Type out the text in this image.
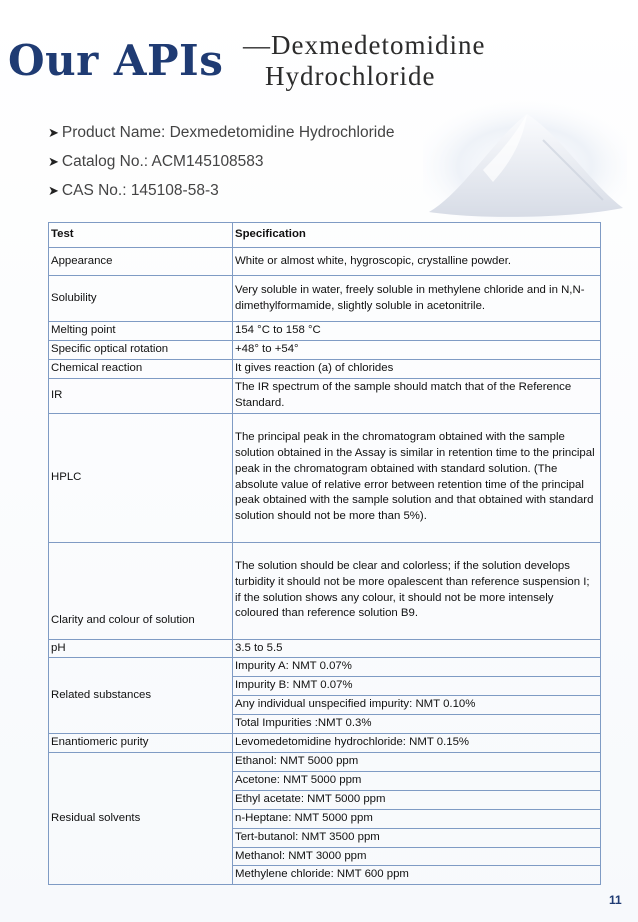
Our APIs —Dexmedetomidine
Hydrochloride
➤ Product Name: Dexmedetomidine Hydrochloride
➤ Catalog No.: ACM145108583
➤ CAS No.: 145108-58-3
Test	Specification
Appearance	White or almost white, hygroscopic, crystalline powder.
Solubility	Very soluble in water, freely soluble in methylene chloride and in N,N-dimethylformamide, slightly soluble in acetonitrile.
Melting point	154 °C to 158 °C
Specific optical rotation	+48° to +54°
Chemical reaction	It gives reaction (a) of chlorides
IR	The IR spectrum of the sample should match that of the Reference Standard.
HPLC	The principal peak in the chromatogram obtained with the sample solution obtained in the Assay is similar in retention time to the principal peak in the chromatogram obtained with standard solution. (The absolute value of relative error between retention time of the principal peak obtained with the sample solution and that obtained with standard solution should not be more than 5%).
Clarity and colour of solution	The solution should be clear and colorless; if the solution develops turbidity it should not be more opalescent than reference suspension I; if the solution shows any colour, it should not be more intensely coloured than reference solution B9.
pH	3.5 to 5.5
Related substances	Impurity A: NMT 0.07%
	Impurity B: NMT 0.07%
	Any individual unspecified impurity: NMT 0.10%
	Total Impurities :NMT 0.3%
Enantiomeric purity	Levomedetomidine hydrochloride: NMT 0.15%
Residual solvents	Ethanol: NMT 5000 ppm
	Acetone: NMT 5000 ppm
	Ethyl acetate: NMT 5000 ppm
	n-Heptane: NMT 5000 ppm
	Tert-butanol: NMT 3500 ppm
	Methanol: NMT 3000 ppm
	Methylene chloride: NMT 600 ppm
11
